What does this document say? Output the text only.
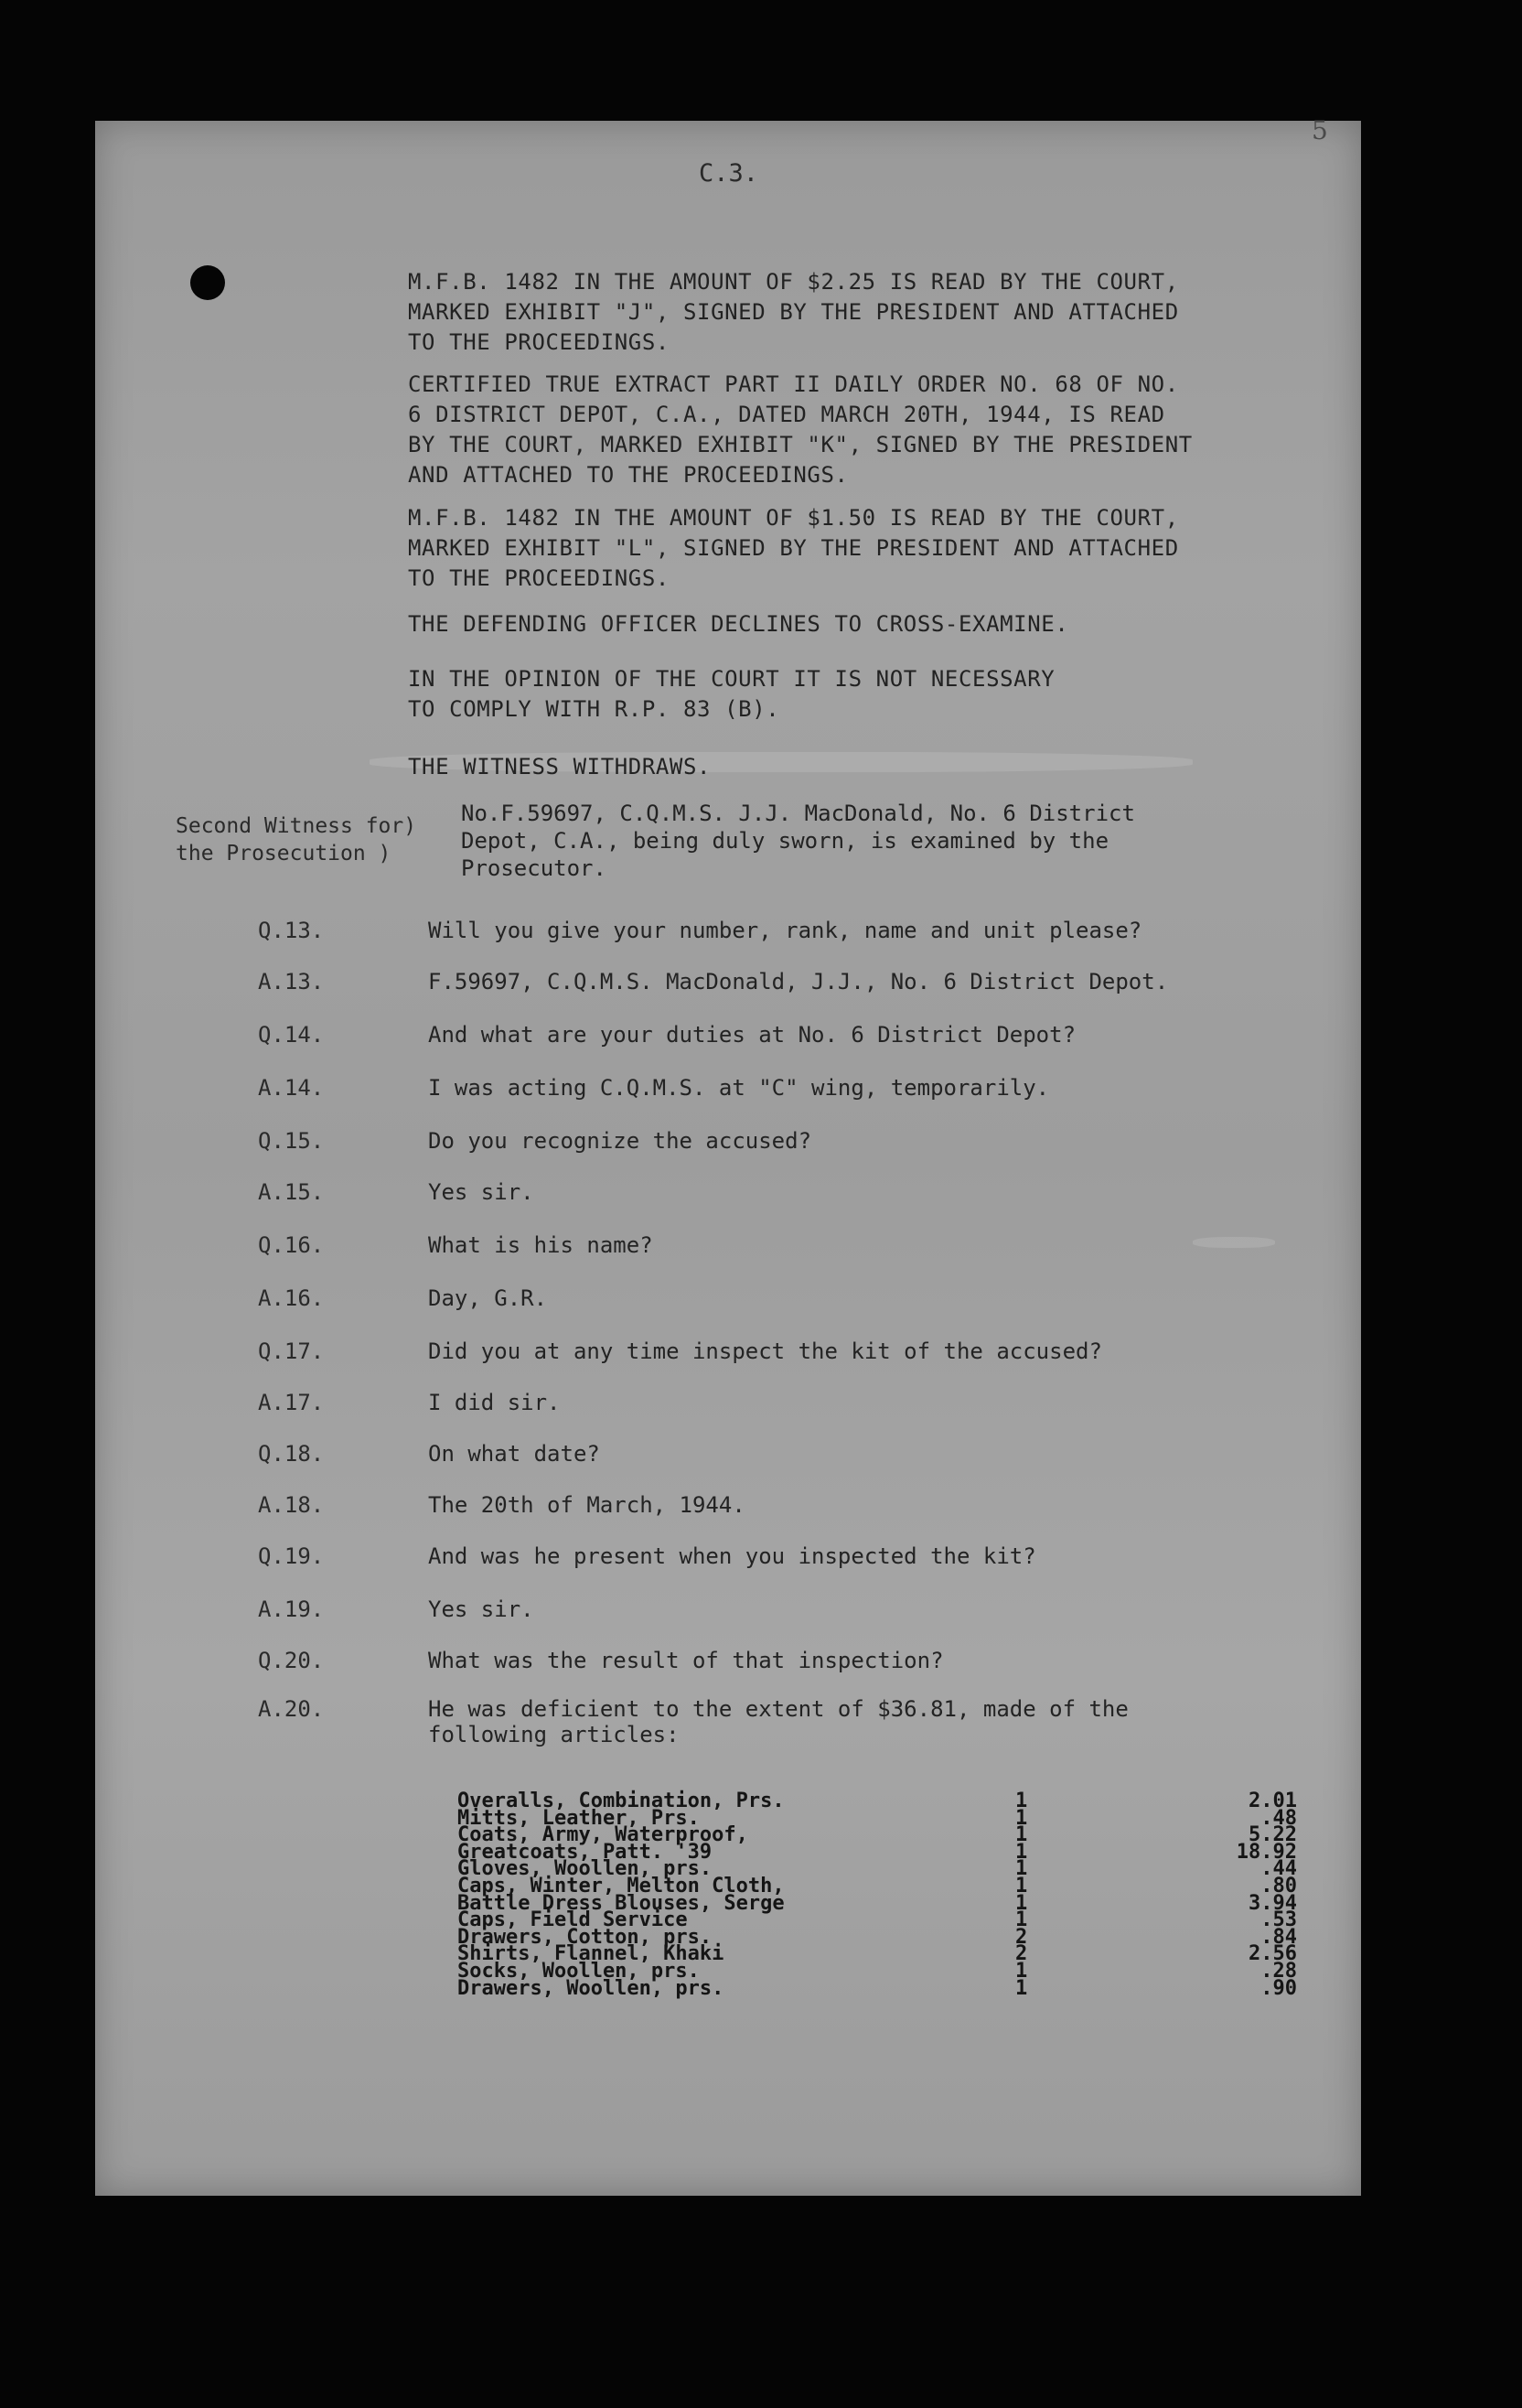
5
C.3.
M.F.B. 1482 IN THE AMOUNT OF $2.25 IS READ BY THE COURT,
MARKED EXHIBIT "J", SIGNED BY THE PRESIDENT AND ATTACHED
TO THE PROCEEDINGS.
CERTIFIED TRUE EXTRACT PART II DAILY ORDER NO. 68 OF NO.
6 DISTRICT DEPOT, C.A., DATED MARCH 20TH, 1944, IS READ
BY THE COURT, MARKED EXHIBIT "K", SIGNED BY THE PRESIDENT
AND ATTACHED TO THE PROCEEDINGS.
M.F.B. 1482 IN THE AMOUNT OF $1.50 IS READ BY THE COURT,
MARKED EXHIBIT "L", SIGNED BY THE PRESIDENT AND ATTACHED
TO THE PROCEEDINGS.
THE DEFENDING OFFICER DECLINES TO CROSS-EXAMINE.
IN THE OPINION OF THE COURT IT IS NOT NECESSARY
TO COMPLY WITH R.P. 83 (B).
THE WITNESS WITHDRAWS.
Second Witness for)
the Prosecution )
No.F.59697, C.Q.M.S. J.J. MacDonald, No. 6 District
Depot, C.A., being duly sworn, is examined by the
Prosecutor.
Q.13.	Will you give your number, rank, name and unit please?
A.13.	F.59697, C.Q.M.S. MacDonald, J.J., No. 6 District Depot.
Q.14.	And what are your duties at No. 6 District Depot?
A.14.	I was acting C.Q.M.S. at "C" wing, temporarily.
Q.15.	Do you recognize the accused?
A.15.	Yes sir.
Q.16.	What is his name?
A.16.	Day, G.R.
Q.17.	Did you at any time inspect the kit of the accused?
A.17.	I did sir.
Q.18.	On what date?
A.18.	The 20th of March, 1944.
Q.19.	And was he present when you inspected the kit?
A.19.	Yes sir.
Q.20.	What was the result of that inspection?
A.20.	He was deficient to the extent of $36.81, made of the
following articles:
Overalls, Combination, Prs.	1	2.01
Mitts, Leather, Prs.	1	.48
Coats, Army, Waterproof,	1	5.22
Greatcoats, Patt. '39	1	18.92
Gloves, Woollen, prs.	1	.44
Caps, Winter, Melton Cloth,	1	.80
Battle Dress Blouses, Serge	1	3.94
Caps, Field Service	1	.53
Drawers, Cotton, prs.	2	.84
Shirts, Flannel, Khaki	2	2.56
Socks, Woollen, prs.	1	.28
Drawers, Woollen, prs.	1	.90
